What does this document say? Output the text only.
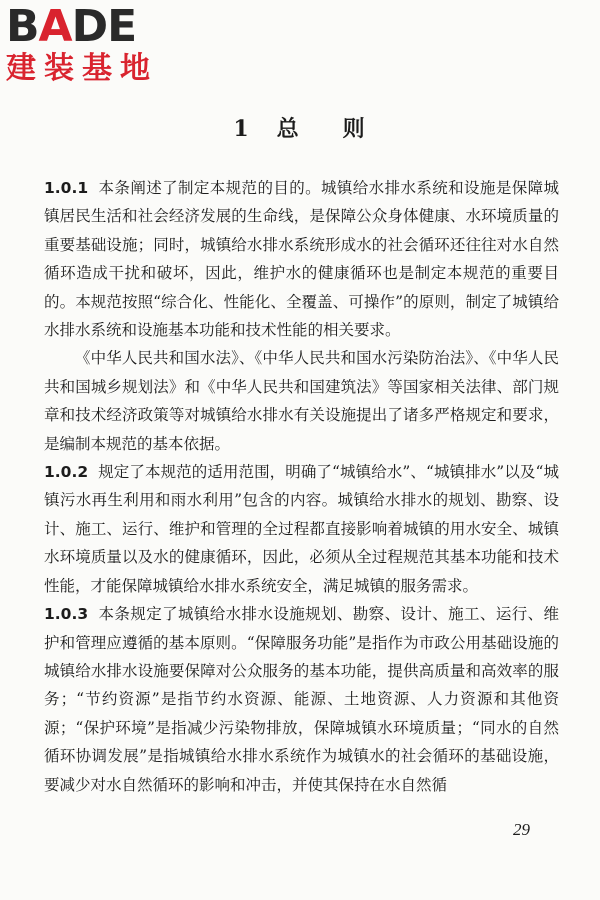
BADE
建装基地
1 总 则

1.0.1 本条阐述了制定本规范的目的。城镇给水排水系统和设施是保障城镇居民生活和社会经济发展的生命线，是保障公众身体健康、水环境质量的重要基础设施；同时，城镇给水排水系统形成水的社会循环还往往对水自然循环造成干扰和破坏，因此，维护水的健康循环也是制定本规范的重要目的。本规范按照“综合化、性能化、全覆盖、可操作”的原则，制定了城镇给水排水系统和设施基本功能和技术性能的相关要求。

《中华人民共和国水法》、《中华人民共和国水污染防治法》、《中华人民共和国城乡规划法》和《中华人民共和国建筑法》等国家相关法律、部门规章和技术经济政策等对城镇给水排水有关设施提出了诸多严格规定和要求，是编制本规范的基本依据。

1.0.2 规定了本规范的适用范围，明确了“城镇给水”、“城镇排水”以及“城镇污水再生利用和雨水利用”包含的内容。城镇给水排水的规划、勘察、设计、施工、运行、维护和管理的全过程都直接影响着城镇的用水安全、城镇水环境质量以及水的健康循环，因此，必须从全过程规范其基本功能和技术性能，才能保障城镇给水排水系统安全，满足城镇的服务需求。

1.0.3 本条规定了城镇给水排水设施规划、勘察、设计、施工、运行、维护和管理应遵循的基本原则。“保障服务功能”是指作为市政公用基础设施的城镇给水排水设施要保障对公众服务的基本功能，提供高质量和高效率的服务；“节约资源”是指节约水资源、能源、土地资源、人力资源和其他资源；“保护环境”是指减少污染物排放，保障城镇水环境质量；“同水的自然循环协调发展”是指城镇给水排水系统作为城镇水的社会循环的基础设施，要减少对水自然循环的影响和冲击，并使其保持在水自然循

29
